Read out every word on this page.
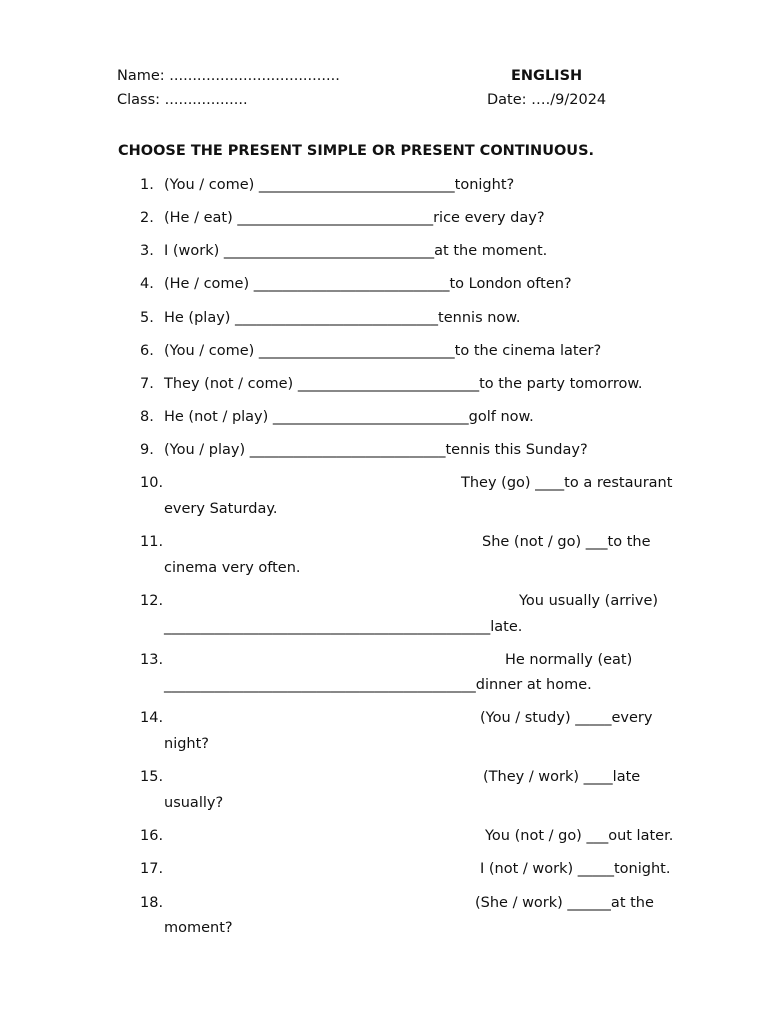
Name: .....................................	ENGLISH
Class: ..................	Date: …./9/2024
CHOOSE THE PRESENT SIMPLE OR PRESENT CONTINUOUS.
1. (You / come) ___________________________tonight?
2. (He / eat) ___________________________rice every day?
3. I (work) _____________________________at the moment.
4. (He / come) ___________________________to London often?
5. He (play) ____________________________tennis now.
6. (You / come) ___________________________to the cinema later?
7. They (not / come) _________________________to the party tomorrow.
8. He (not / play) ___________________________golf now.
9. (You / play) ___________________________tennis this Sunday?
10.	They (go) ____to a restaurant
every Saturday.
11.	She (not / go) ___to the
cinema very often.
12.	You usually (arrive)
_____________________________________________late.
13.	He normally (eat)
___________________________________________dinner at home.
14.	(You / study) _____every
night?
15.	(They / work) ____late
usually?
16.	You (not / go) ___out later.
17.	I (not / work) _____tonight.
18.	(She / work) ______at the
moment?
